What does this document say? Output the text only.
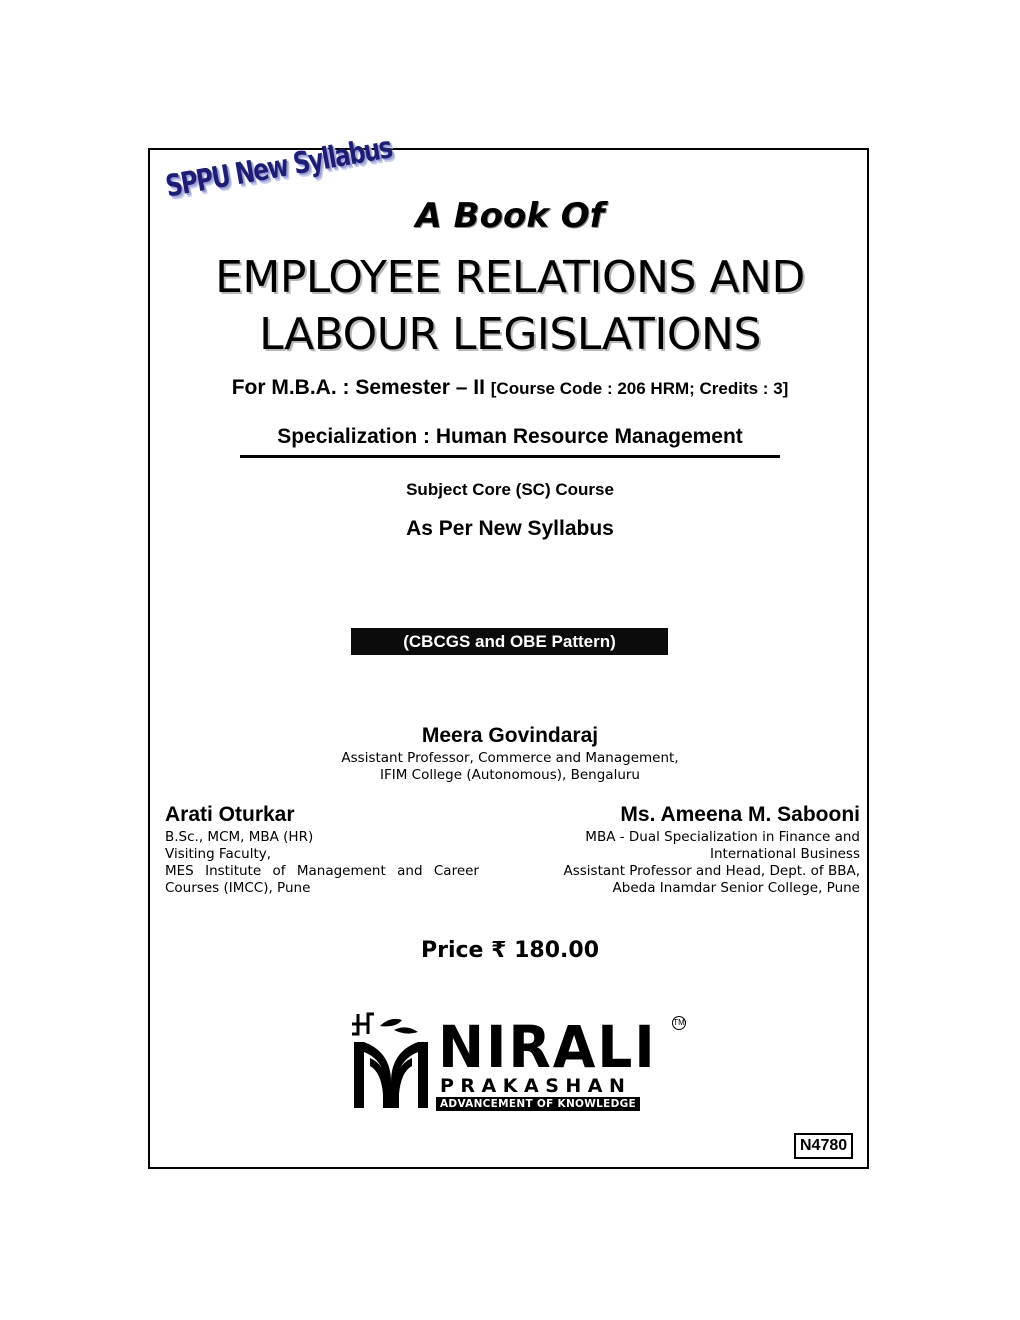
SPPU New Syllabus
A Book Of
EMPLOYEE RELATIONS AND
LABOUR LEGISLATIONS
For M.B.A. : Semester – II [Course Code : 206 HRM; Credits : 3]
Specialization : Human Resource Management
Subject Core (SC) Course
As Per New Syllabus
(CBCGS and OBE Pattern)
Meera Govindaraj
Assistant Professor, Commerce and Management,
IFIM College (Autonomous), Bengaluru
Arati Oturkar
B.Sc., MCM, MBA (HR)
Visiting Faculty,
MES Institute of Management and Career Courses (IMCC), Pune
Ms. Ameena M. Sabooni
MBA - Dual Specialization in Finance and
International Business
Assistant Professor and Head, Dept. of BBA,
Abeda Inamdar Senior College, Pune
Price ₹ 180.00
NIRALI TM
PRAKASHAN
ADVANCEMENT OF KNOWLEDGE
N4780
